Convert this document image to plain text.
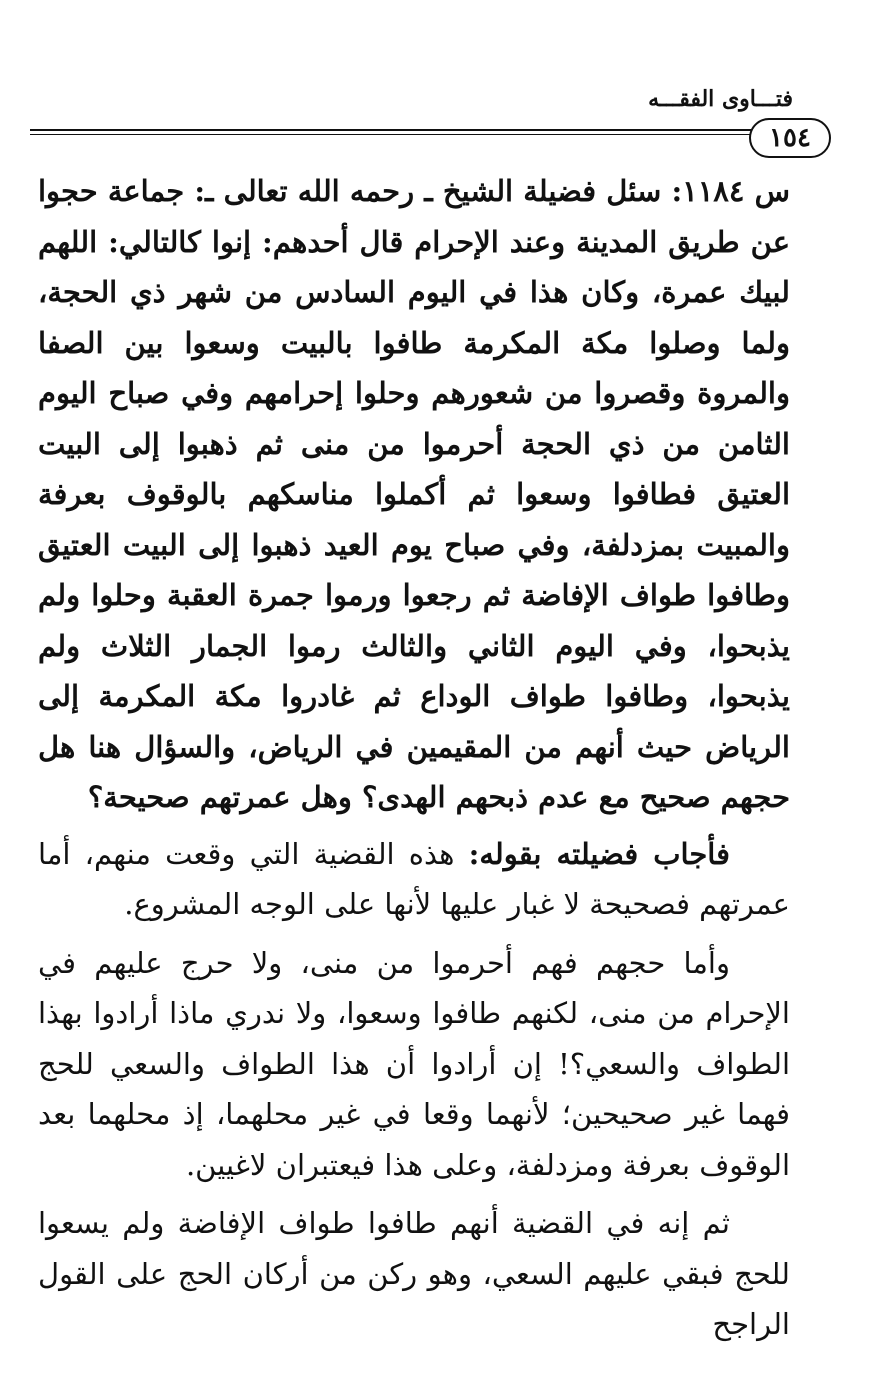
فتـــاوى الفقـــه
١٥٤

س ١١٨٤: سئل فضيلة الشيخ ـ رحمه الله تعالى ـ: جماعة حجوا عن طريق المدينة وعند الإحرام قال أحدهم: إنوا كالتالي: اللهم لبيك عمرة، وكان هذا في اليوم السادس من شهر ذي الحجة، ولما وصلوا مكة المكرمة طافوا بالبيت وسعوا بين الصفا والمروة وقصروا من شعورهم وحلوا إحرامهم وفي صباح اليوم الثامن من ذي الحجة أحرموا من منى ثم ذهبوا إلى البيت العتيق فطافوا وسعوا ثم أكملوا مناسكهم بالوقوف بعرفة والمبيت بمزدلفة، وفي صباح يوم العيد ذهبوا إلى البيت العتيق وطافوا طواف الإفاضة ثم رجعوا ورموا جمرة العقبة وحلوا ولم يذبحوا، وفي اليوم الثاني والثالث رموا الجمار الثلاث ولم يذبحوا، وطافوا طواف الوداع ثم غادروا مكة المكرمة إلى الرياض حيث أنهم من المقيمين في الرياض، والسؤال هنا هل حجهم صحيح مع عدم ذبحهم الهدى؟ وهل عمرتهم صحيحة؟

فأجاب فضيلته بقوله: هذه القضية التي وقعت منهم، أما عمرتهم فصحيحة لا غبار عليها لأنها على الوجه المشروع.

وأما حجهم فهم أحرموا من منى، ولا حرج عليهم في الإحرام من منى، لكنهم طافوا وسعوا، ولا ندري ماذا أرادوا بهذا الطواف والسعي؟! إن أرادوا أن هذا الطواف والسعي للحج فهما غير صحيحين؛ لأنهما وقعا في غير محلهما، إذ محلهما بعد الوقوف بعرفة ومزدلفة، وعلى هذا فيعتبران لاغيين.

ثم إنه في القضية أنهم طافوا طواف الإفاضة ولم يسعوا للحج فبقي عليهم السعي، وهو ركن من أركان الحج على القول الراجح
